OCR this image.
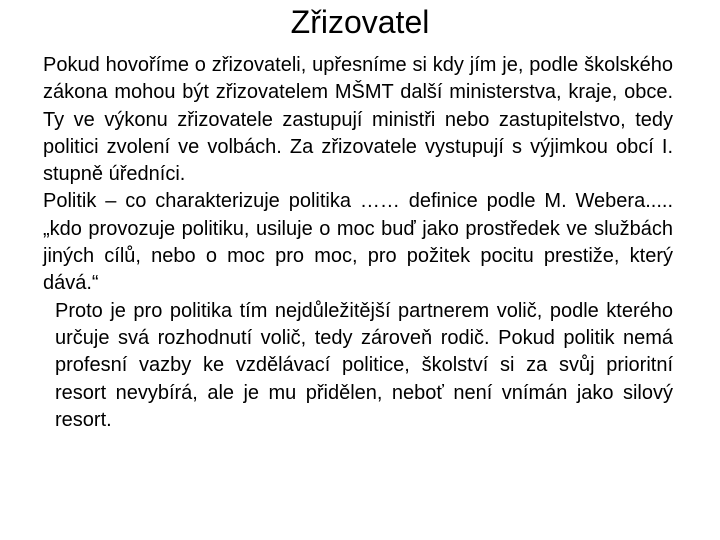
Zřizovatel

Pokud hovoříme o zřizovateli, upřesníme si kdy jím je, podle školského zákona mohou být zřizovatelem MŠMT další ministerstva, kraje, obce. Ty ve výkonu zřizovatele zastupují ministři nebo zastupitelstvo, tedy politici zvolení ve volbách. Za zřizovatele vystupují s výjimkou obcí I. stupně úředníci.

Politik – co charakterizuje politika …… definice podle M. Webera..... „kdo provozuje politiku, usiluje o moc buď jako prostředek ve službách jiných cílů, nebo o moc pro moc, pro požitek pocitu prestiže, který dává.“

Proto je pro politika tím nejdůležitější partnerem volič, podle kterého určuje svá rozhodnutí volič, tedy zároveň rodič. Pokud politik nemá profesní vazby ke vzdělávací politice, školství si za svůj prioritní resort nevybírá, ale je mu přidělen, neboť není vnímán jako silový resort.
